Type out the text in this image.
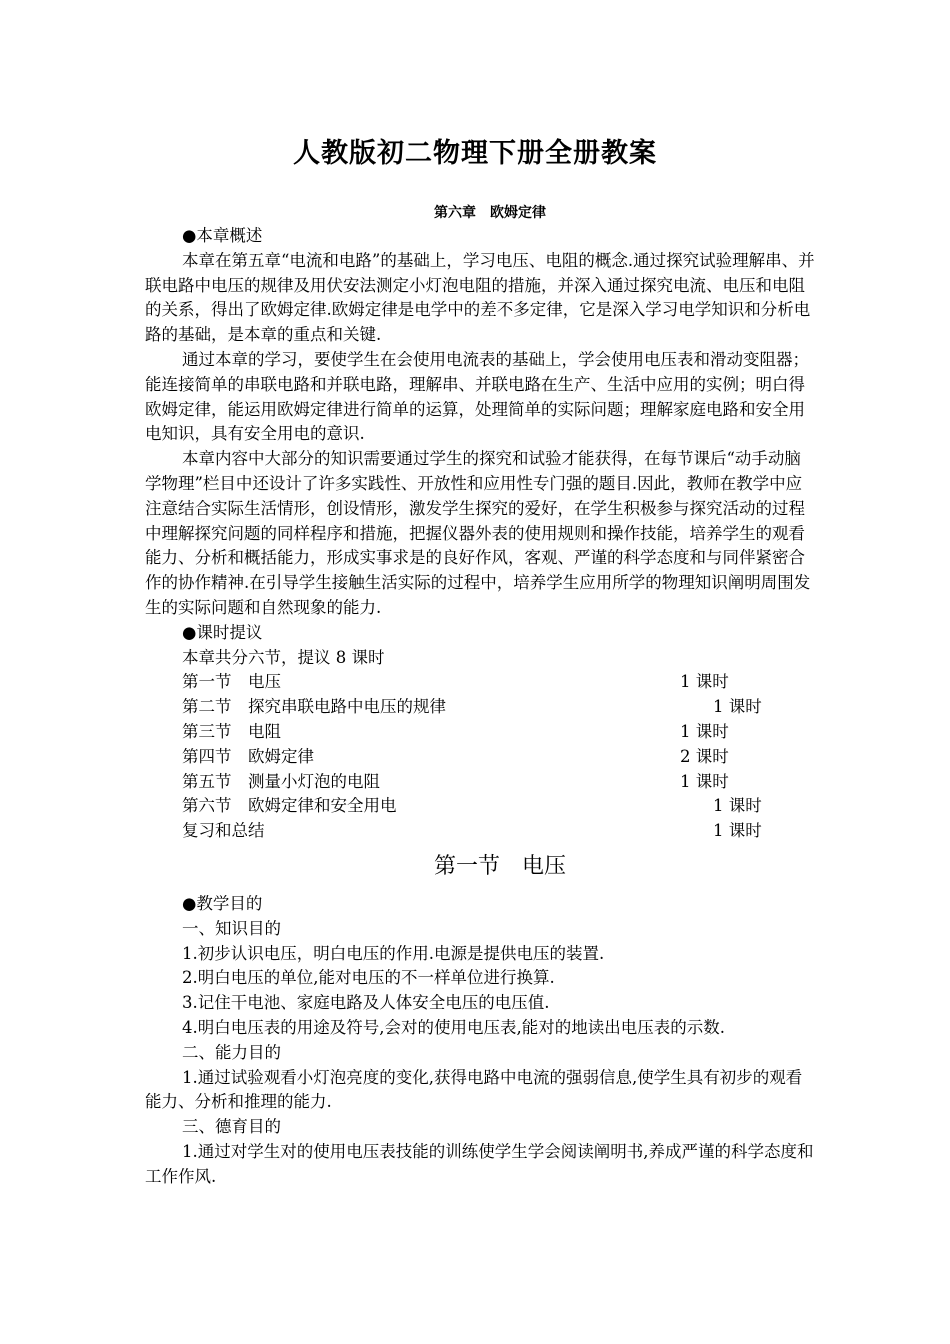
人教版初二物理下册全册教案
第六章　欧姆定律

●本章概述

本章在第五章“电流和电路”的基础上，学习电压、电阻的概念.通过探究试验理解串、并联电路中电压的规律及用伏安法测定小灯泡电阻的措施，并深入通过探究电流、电压和电阻的关系，得出了欧姆定律.欧姆定律是电学中的差不多定律，它是深入学习电学知识和分析电路的基础，是本章的重点和关键.

通过本章的学习，要使学生在会使用电流表的基础上，学会使用电压表和滑动变阻器；能连接简单的串联电路和并联电路，理解串、并联电路在生产、生活中应用的实例；明白得欧姆定律，能运用欧姆定律进行简单的运算，处理简单的实际问题；理解家庭电路和安全用电知识，具有安全用电的意识.

本章内容中大部分的知识需要通过学生的探究和试验才能获得，在每节课后“动手动脑学物理”栏目中还设计了许多实践性、开放性和应用性专门强的题目.因此，教师在教学中应注意结合实际生活情形，创设情形，激发学生探究的爱好，在学生积极参与探究活动的过程中理解探究问题的同样程序和措施，把握仪器外表的使用规则和操作技能，培养学生的观看能力、分析和概括能力，形成实事求是的良好作风，客观、严谨的科学态度和与同伴紧密合作的协作精神.在引导学生接触生活实际的过程中，培养学生应用所学的物理知识阐明周围发生的实际问题和自然现象的能力.

●课时提议

本章共分六节，提议 8 课时

第一节　电压	1 课时
第二节　探究串联电路中电压的规律	1 课时
第三节　电阻	1 课时
第四节　欧姆定律	2 课时
第五节　测量小灯泡的电阻	1 课时
第六节　欧姆定律和安全用电	1 课时
复习和总结	1 课时
第一节　电压

●教学目的

一、知识目的

1.初步认识电压，明白电压的作用.电源是提供电压的装置.

2.明白电压的单位,能对电压的不一样单位进行换算.

3.记住干电池、家庭电路及人体安全电压的电压值.

4.明白电压表的用途及符号,会对的使用电压表,能对的地读出电压表的示数.

二、能力目的

1.通过试验观看小灯泡亮度的变化,获得电路中电流的强弱信息,使学生具有初步的观看能力、分析和推理的能力.

三、德育目的

1.通过对学生对的使用电压表技能的训练使学生学会阅读阐明书,养成严谨的科学态度和工作作风.
